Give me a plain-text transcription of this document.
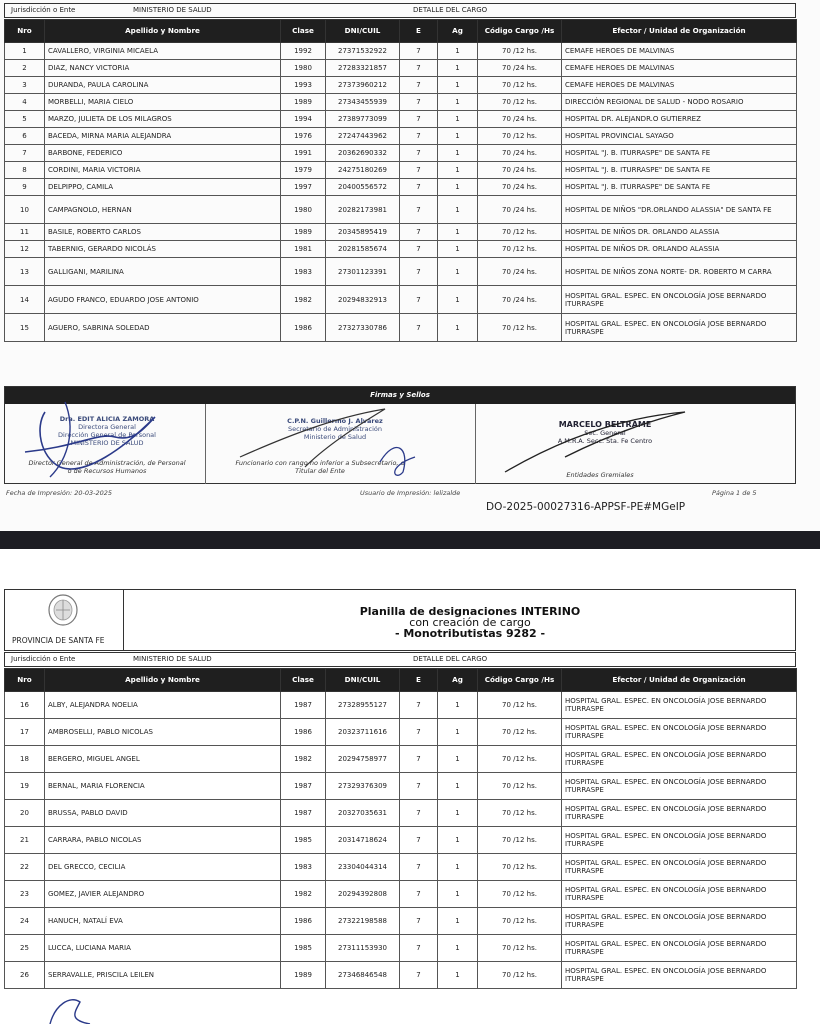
Jurisdicción o Ente	MINISTERIO DE SALUD	DETALLE DEL CARGO
Nro	Apellido y Nombre	Clase	DNI/CUIL	E	Ag	Código Cargo /Hs	Efector / Unidad de Organización
1	CAVALLERO, VIRGINIA MICAELA	1992	27371532922	7	1	70 /12 hs.	CEMAFE HEROES DE MALVINAS
2	DIAZ, NANCY VICTORIA	1980	27283321857	7	1	70 /24 hs.	CEMAFE HEROES DE MALVINAS
3	DURANDA, PAULA CAROLINA	1993	27373960212	7	1	70 /12 hs.	CEMAFE HEROES DE MALVINAS
4	MORBELLI, MARIA CIELO	1989	27343455939	7	1	70 /12 hs.	DIRECCIÓN REGIONAL DE SALUD - NODO ROSARIO
5	MARZO, JULIETA DE LOS MILAGROS	1994	27389773099	7	1	70 /24 hs.	HOSPITAL DR. ALEJANDR.O GUTIERREZ
6	BACEDA, MIRNA MARIA ALEJANDRA	1976	27247443962	7	1	70 /12 hs.	HOSPITAL PROVINCIAL SAYAGO
7	BARBONE, FEDERICO	1991	20362690332	7	1	70 /24 hs.	HOSPITAL "J. B. ITURRASPE" DE SANTA FE
8	CORDINI, MARIA VICTORIA	1979	24275180269	7	1	70 /24 hs.	HOSPITAL "J. B. ITURRASPE" DE SANTA FE
9	DELPIPPO, CAMILA	1997	20400556572	7	1	70 /24 hs.	HOSPITAL "J. B. ITURRASPE" DE SANTA FE
10	CAMPAGNOLO, HERNAN	1980	20282173981	7	1	70 /24 hs.	HOSPITAL DE NIÑOS "DR.ORLANDO ALASSIA" DE SANTA FE
11	BASILE, ROBERTO CARLOS	1989	20345895419	7	1	70 /12 hs.	HOSPITAL DE NIÑOS DR. ORLANDO ALASSIA
12	TABERNIG, GERARDO NICOLÁS	1981	20281585674	7	1	70 /12 hs.	HOSPITAL DE NIÑOS DR. ORLANDO ALASSIA
13	GALLIGANI, MARILINA	1983	27301123391	7	1	70 /24 hs.	HOSPITAL DE NIÑOS ZONA NORTE- DR. ROBERTO M CARRA
14	AGUDO FRANCO, EDUARDO JOSE ANTONIO	1982	20294832913	7	1	70 /24 hs.	HOSPITAL GRAL. ESPEC. EN ONCOLOGÍA JOSE BERNARDO ITURRASPE
15	AGUERO, SABRINA SOLEDAD	1986	27327330786	7	1	70 /12 hs.	HOSPITAL GRAL. ESPEC. EN ONCOLOGÍA JOSE BERNARDO ITURRASPE
Firmas y Sellos
Dra. EDIT ALICIA ZAMORA
Directora General
Dirección General de Personal
MINISTERIO DE SALUD
Director General de Administración, de Personal o de Recursos Humanos
C.P.N. Guillermo J. Alvarez
Secretario de Administración
Ministerio de Salud
Funcionario con rango no inferior a Subsecretario, o Titular del Ente
MARCELO BELTRAME
Sec. General
A.M.R.A. Secc. Sta. Fe Centro
Entidades Gremiales
Fecha de Impresión: 20-03-2025	Usuario de Impresión: lelizalde	Página 1 de 5
DO-2025-00027316-APPSF-PE#MGeIP
PROVINCIA DE SANTA FE
Planilla de designaciones INTERINO
con creación de cargo
- Monotributistas 9282 -
Jurisdicción o Ente	MINISTERIO DE SALUD	DETALLE DEL CARGO
Nro	Apellido y Nombre	Clase	DNI/CUIL	E	Ag	Código Cargo /Hs	Efector / Unidad de Organización
16	ALBY, ALEJANDRA NOELIA	1987	27328955127	7	1	70 /12 hs.	HOSPITAL GRAL. ESPEC. EN ONCOLOGÍA JOSE BERNARDO ITURRASPE
17	AMBROSELLI, PABLO NICOLAS	1986	20323711616	7	1	70 /12 hs.	HOSPITAL GRAL. ESPEC. EN ONCOLOGÍA JOSE BERNARDO ITURRASPE
18	BERGERO, MIGUEL ANGEL	1982	20294758977	7	1	70 /12 hs.	HOSPITAL GRAL. ESPEC. EN ONCOLOGÍA JOSE BERNARDO ITURRASPE
19	BERNAL, MARIA FLORENCIA	1987	27329376309	7	1	70 /12 hs.	HOSPITAL GRAL. ESPEC. EN ONCOLOGÍA JOSE BERNARDO ITURRASPE
20	BRUSSA, PABLO DAVID	1987	20327035631	7	1	70 /12 hs.	HOSPITAL GRAL. ESPEC. EN ONCOLOGÍA JOSE BERNARDO ITURRASPE
21	CARRARA, PABLO NICOLAS	1985	20314718624	7	1	70 /12 hs.	HOSPITAL GRAL. ESPEC. EN ONCOLOGÍA JOSE BERNARDO ITURRASPE
22	DEL GRECCO, CECILIA	1983	23304044314	7	1	70 /12 hs.	HOSPITAL GRAL. ESPEC. EN ONCOLOGÍA JOSE BERNARDO ITURRASPE
23	GOMEZ, JAVIER ALEJANDRO	1982	20294392808	7	1	70 /12 hs.	HOSPITAL GRAL. ESPEC. EN ONCOLOGÍA JOSE BERNARDO ITURRASPE
24	HANUCH, NATALÍ EVA	1986	27322198588	7	1	70 /12 hs.	HOSPITAL GRAL. ESPEC. EN ONCOLOGÍA JOSE BERNARDO ITURRASPE
25	LUCCA, LUCIANA MARIA	1985	27311153930	7	1	70 /12 hs.	HOSPITAL GRAL. ESPEC. EN ONCOLOGÍA JOSE BERNARDO ITURRASPE
26	SERRAVALLE, PRISCILA LEILEN	1989	27346846548	7	1	70 /12 hs.	HOSPITAL GRAL. ESPEC. EN ONCOLOGÍA JOSE BERNARDO ITURRASPE
